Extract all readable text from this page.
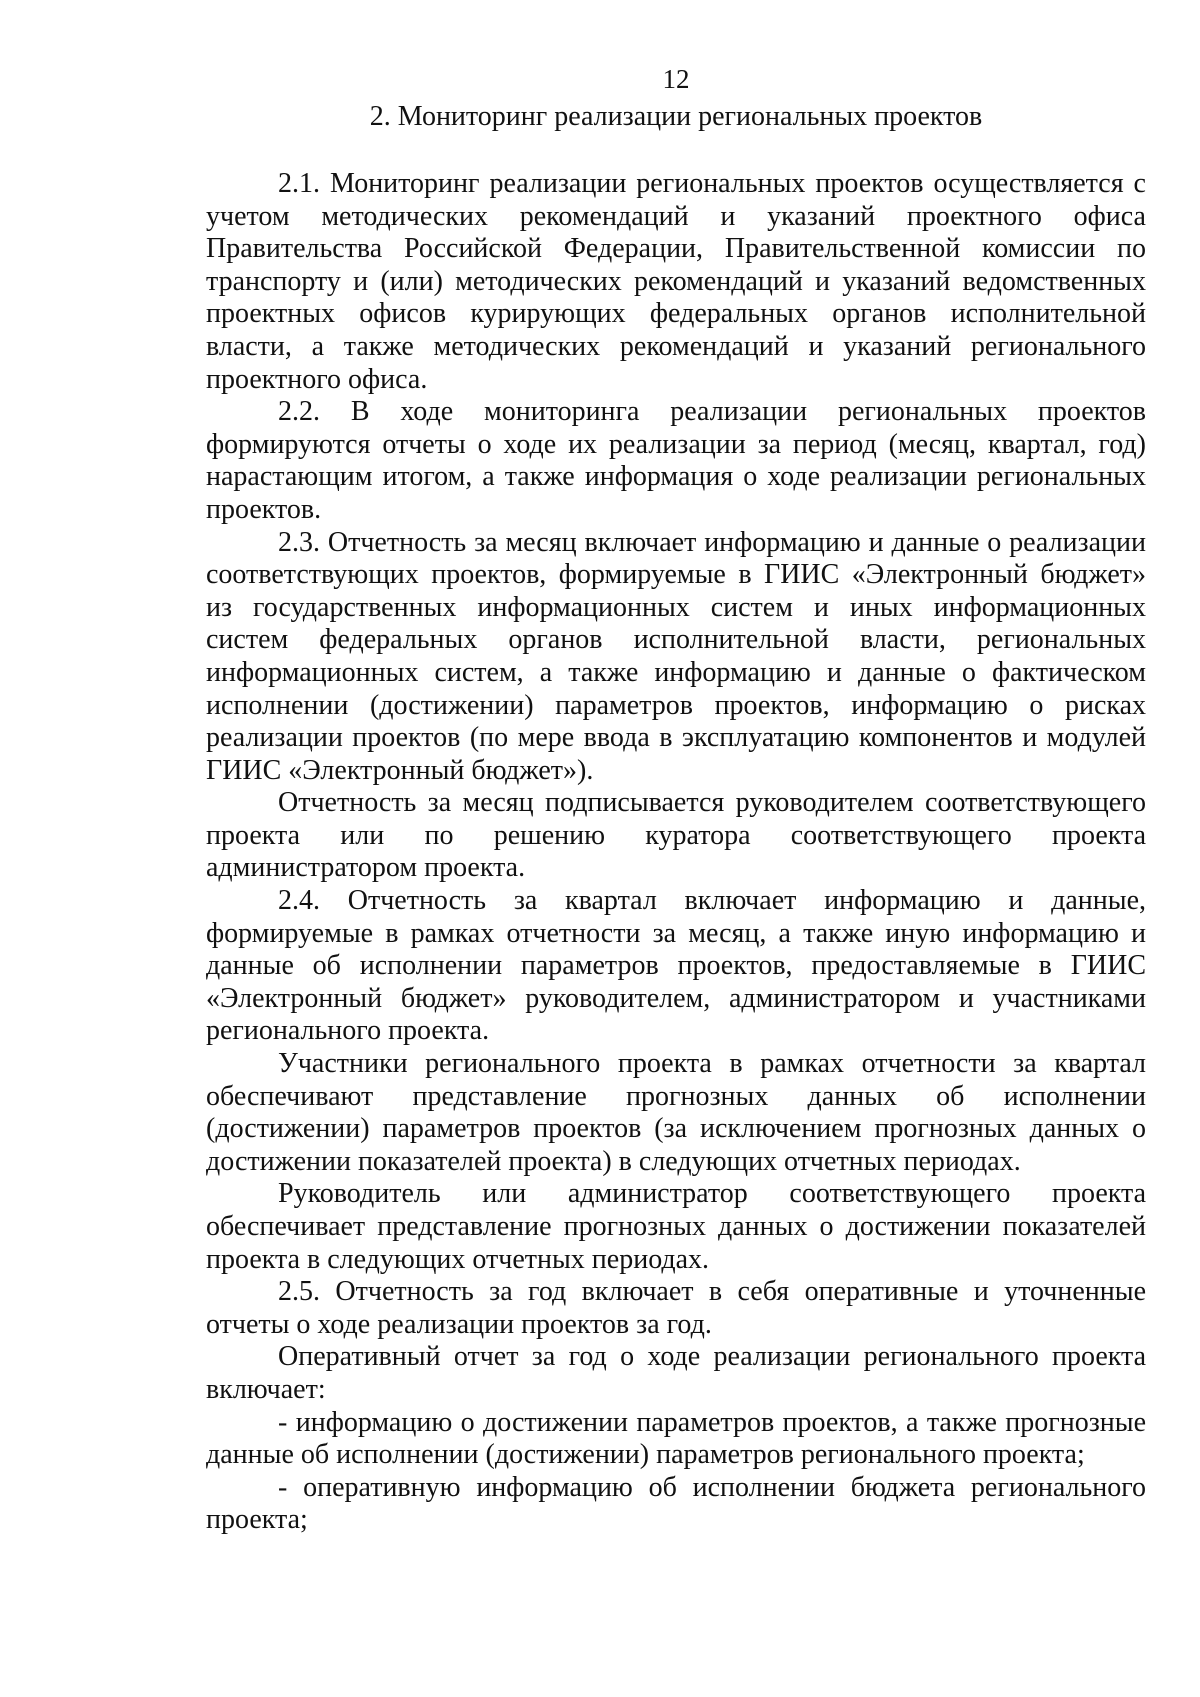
12
2. Мониторинг реализации региональных проектов

2.1. Мониторинг реализации региональных проектов осуществляется с учетом методических рекомендаций и указаний проектного офиса Правительства Российской Федерации, Правительственной комиссии по транспорту и (или) методических рекомендаций и указаний ведомственных проектных офисов курирующих федеральных органов исполнительной власти, а также методических рекомендаций и указаний регионального проектного офиса.

2.2. В ходе мониторинга реализации региональных проектов формируются отчеты о ходе их реализации за период (месяц, квартал, год) нарастающим итогом, а также информация о ходе реализации региональных проектов.

2.3. Отчетность за месяц включает информацию и данные о реализации соответствующих проектов, формируемые в ГИИС «Электронный бюджет» из государственных информационных систем и иных информационных систем федеральных органов исполнительной власти, региональных информационных систем, а также информацию и данные о фактическом исполнении (достижении) параметров проектов, информацию о рисках реализации проектов (по мере ввода в эксплуатацию компонентов и модулей ГИИС «Электронный бюджет»).

Отчетность за месяц подписывается руководителем соответствующего проекта или по решению куратора соответствующего проекта администратором проекта.

2.4. Отчетность за квартал включает информацию и данные, формируемые в рамках отчетности за месяц, а также иную информацию и данные об исполнении параметров проектов, предоставляемые в ГИИС «Электронный бюджет» руководителем, администратором и участниками регионального проекта.

Участники регионального проекта в рамках отчетности за квартал обеспечивают представление прогнозных данных об исполнении (достижении) параметров проектов (за исключением прогнозных данных о достижении показателей проекта) в следующих отчетных периодах.

Руководитель или администратор соответствующего проекта обеспечивает представление прогнозных данных о достижении показателей проекта в следующих отчетных периодах.

2.5. Отчетность за год включает в себя оперативные и уточненные отчеты о ходе реализации проектов за год.

Оперативный отчет за год о ходе реализации регионального проекта включает:

- информацию о достижении параметров проектов, а также прогнозные данные об исполнении (достижении) параметров регионального проекта;

- оперативную информацию об исполнении бюджета регионального проекта;
